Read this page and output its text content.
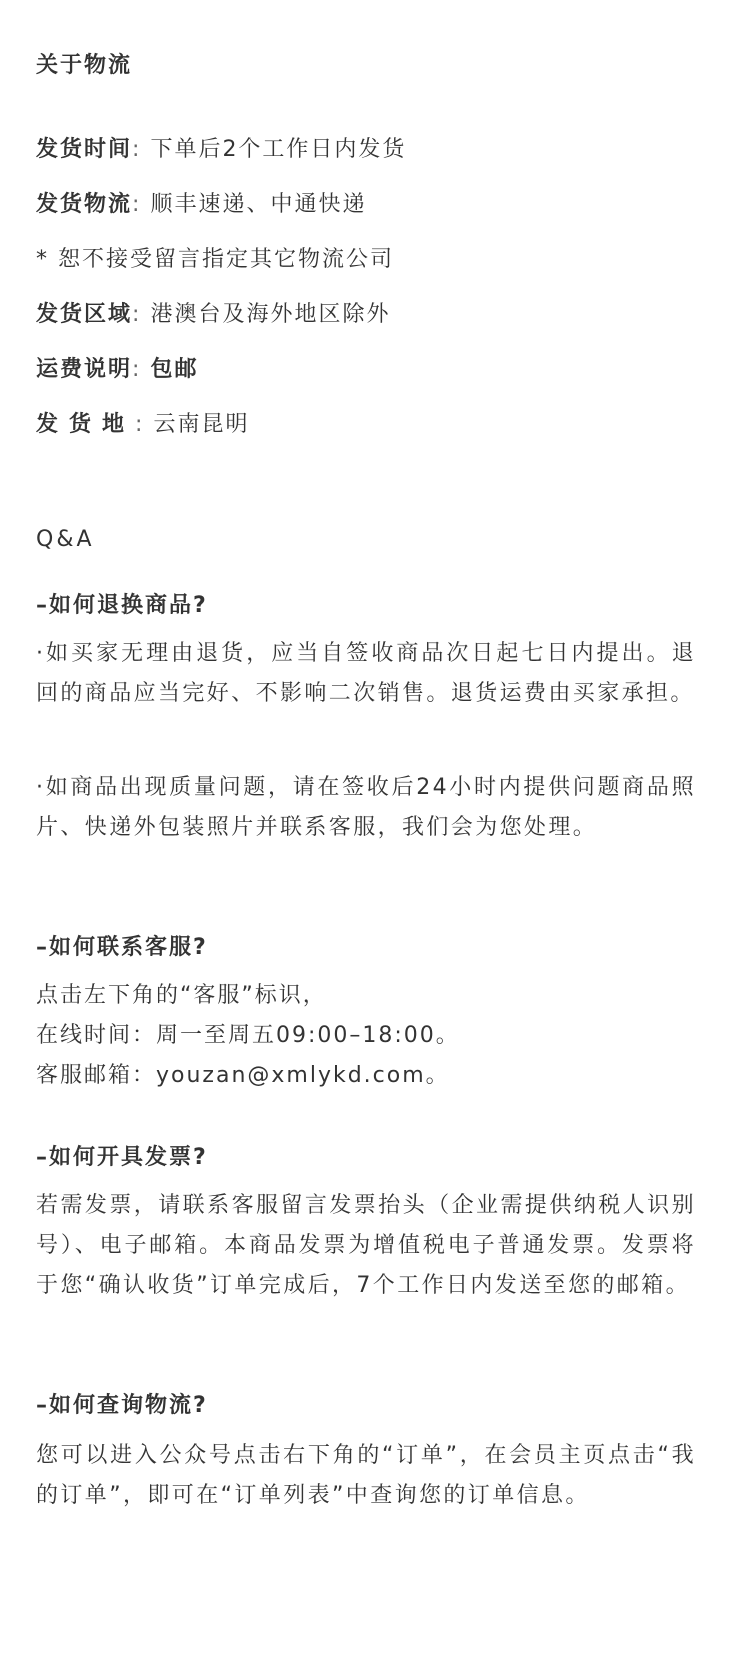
关于物流
发货时间: 下单后2个工作日内发货
发货物流: 顺丰速递、中通快递
* 恕不接受留言指定其它物流公司
发货区域: 港澳台及海外地区除外
运费说明: 包邮
发货地: 云南昆明
Q&A
–如何退换商品?

·如买家无理由退货，应当自签收商品次日起七日内提出。退回的商品应当完好、不影响二次销售。退货运费由买家承担。

·如商品出现质量问题，请在签收后24小时内提供问题商品照片、快递外包装照片并联系客服，我们会为您处理。

–如何联系客服?
点击左下角的“客服”标识，
在线时间：周一至周五09:00–18:00。
客服邮箱：youzan@xmlykd.com。
–如何开具发票?

若需发票，请联系客服留言发票抬头（企业需提供纳税人识别号）、电子邮箱。本商品发票为增值税电子普通发票。发票将于您“确认收货”订单完成后，7个工作日内发送至您的邮箱。

–如何查询物流?

您可以进入公众号点击右下角的“订单”，在会员主页点击“我的订单”，即可在“订单列表”中查询您的订单信息。
